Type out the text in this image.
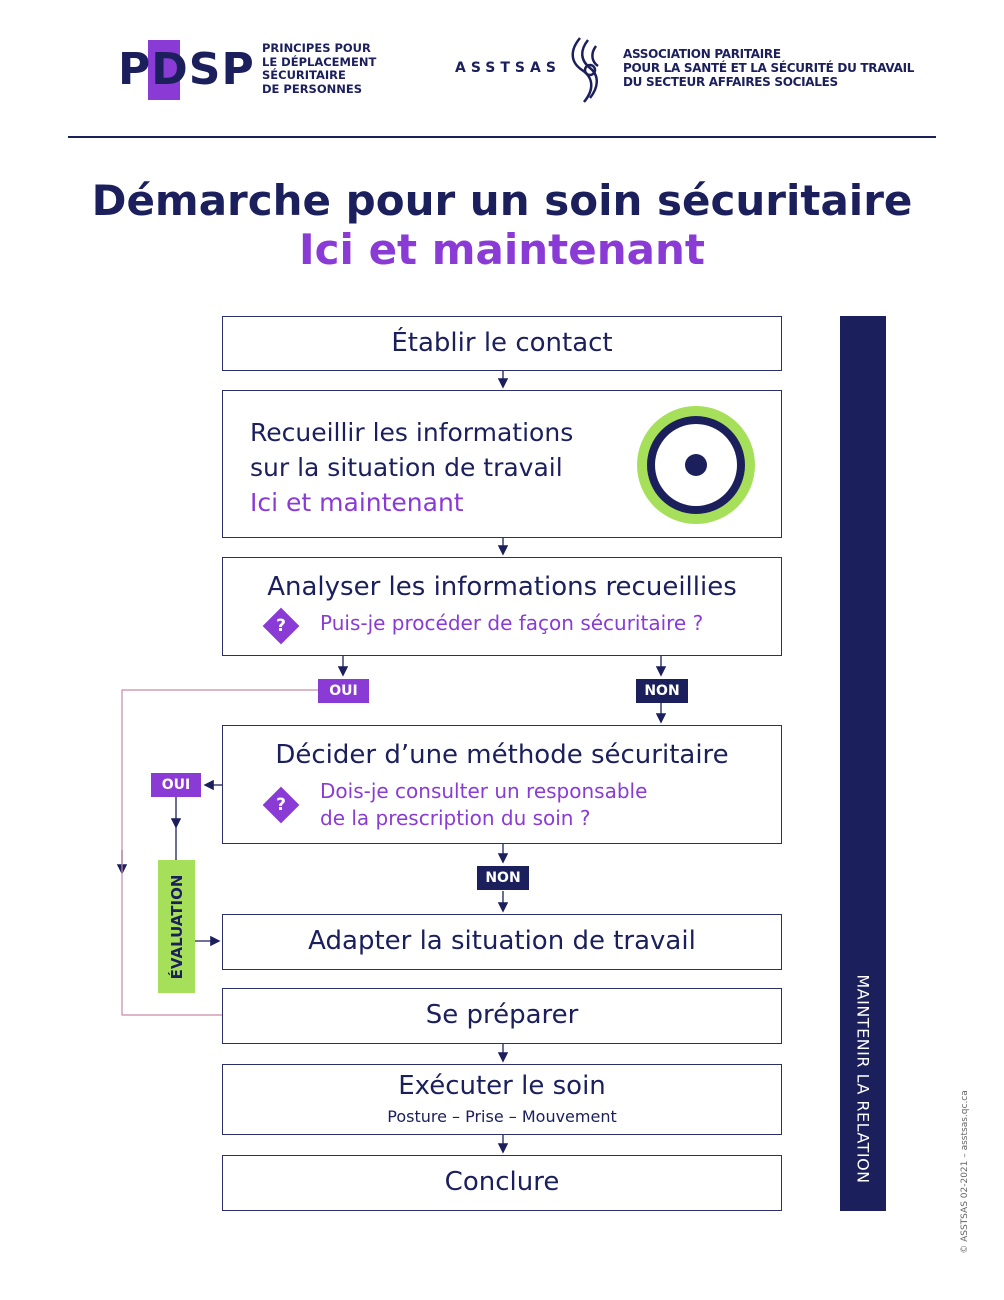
PDSP PRINCIPES POUR
LE DÉPLACEMENT
SÉCURITAIRE
DE PERSONNES
ASSTSAS
ASSOCIATION PARITAIRE
POUR LA SANTÉ ET LA SÉCURITÉ DU TRAVAIL
DU SECTEUR AFFAIRES SOCIALES
Démarche pour un soin sécuritaire
Ici et maintenant
Établir le contact
Recueillir les informations
sur la situation de travail
Ici et maintenant
Analyser les informations recueillies
?	Puis-je procéder de façon sécuritaire ?
OUI	NON
Décider d’une méthode sécuritaire
?
Dois-je consulter un responsable
de la prescription du soin ?
OUI
NON
ÉVALUATION	Adapter la situation de travail
Se préparer
Exécuter le soin
Posture – Prise – Mouvement
Conclure	MAINTENIR LA RELATION	© ASSTSAS 02-2021 – asstsas.qc.ca
